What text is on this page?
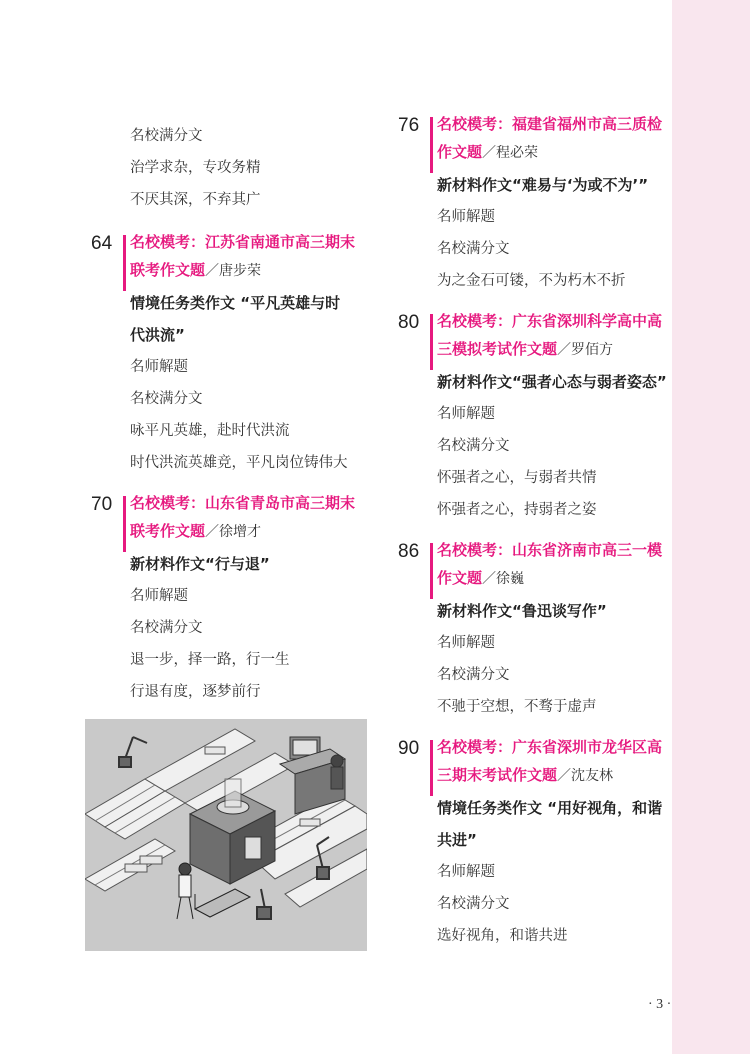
名校满分文
治学求杂，专攻务精
不厌其深，不弃其广
64 名校模考：江苏省南通市高三期末联考作文题／唐步荣
情境任务类作文 “平凡英雄与时
代洪流”
名师解题
名校满分文
咏平凡英雄，赴时代洪流
时代洪流英雄竞，平凡岗位铸伟大
70 名校模考：山东省青岛市高三期末联考作文题／徐增才
新材料作文“行与退”
名师解题
名校满分文
退一步，择一路，行一生
行退有度，逐梦前行
76 名校模考：福建省福州市高三质检作文题／程必荣
新材料作文“难易与‘为或不为’”
名师解题
名校满分文
为之金石可镂，不为朽木不折
80 名校模考：广东省深圳科学高中高三模拟考试作文题／罗佰方
新材料作文“强者心态与弱者姿态”
名师解题
名校满分文
怀强者之心，与弱者共情
怀强者之心，持弱者之姿
86 名校模考：山东省济南市高三一模作文题／徐巍
新材料作文“鲁迅谈写作”
名师解题
名校满分文
不驰于空想，不骛于虚声
90 名校模考：广东省深圳市龙华区高三期末考试作文题／沈友林
情境任务类作文 “用好视角，和谐
共进”
名师解题
名校满分文
选好视角，和谐共进
· 3 ·
